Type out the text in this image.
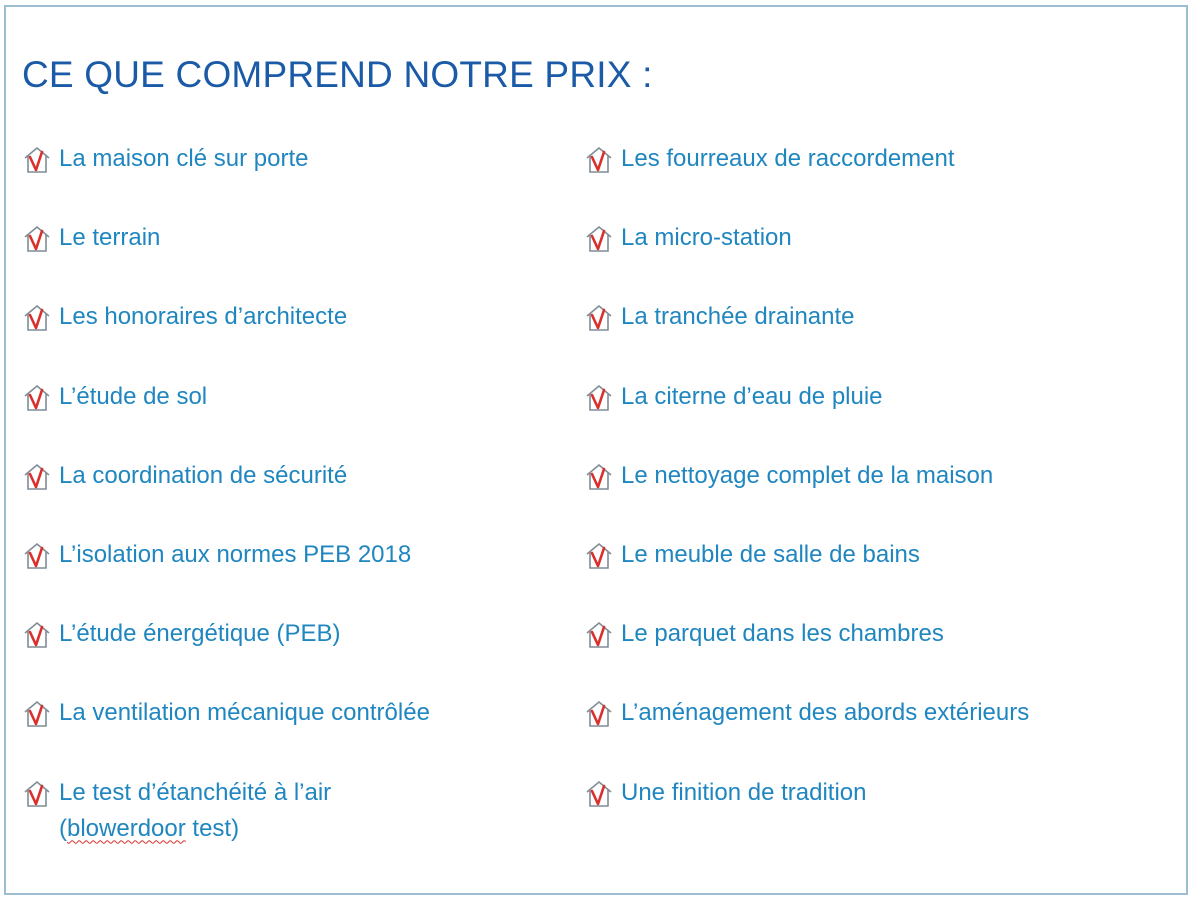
CE QUE COMPREND NOTRE PRIX :
La maison clé sur porte
Le terrain
Les honoraires d’architecte
L’étude de sol
La coordination de sécurité
L’isolation aux normes PEB 2018
L’étude énergétique (PEB)
La ventilation mécanique contrôlée
Le test d’étanchéité à l’air
(blowerdoor test)
Les fourreaux de raccordement
La micro-station
La tranchée drainante
La citerne d’eau de pluie
Le nettoyage complet de la maison
Le meuble de salle de bains
Le parquet dans les chambres
L’aménagement des abords extérieurs
Une finition de tradition
